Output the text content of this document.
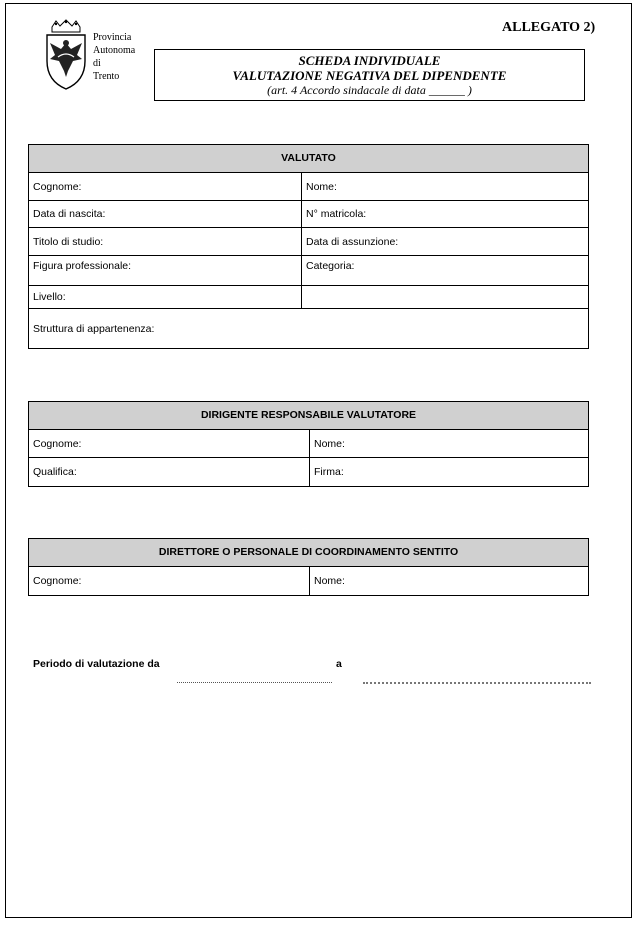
Provincia
Autonoma
di
Trento
ALLEGATO 2)
SCHEDA INDIVIDUALE
VALUTAZIONE NEGATIVA DEL DIPENDENTE
(art. 4 Accordo sindacale di data ______ )
VALUTATO
Cognome:	Nome:
Data di nascita:	N° matricola:
Titolo di studio:	Data di assunzione:
Figura professionale:	Categoria:
Livello:
Struttura di appartenenza:
DIRIGENTE RESPONSABILE VALUTATORE
Cognome:	Nome:
Qualifica:	Firma:
DIRETTORE O PERSONALE DI COORDINAMENTO SENTITO
Cognome:	Nome:
Periodo di valutazione da	a
